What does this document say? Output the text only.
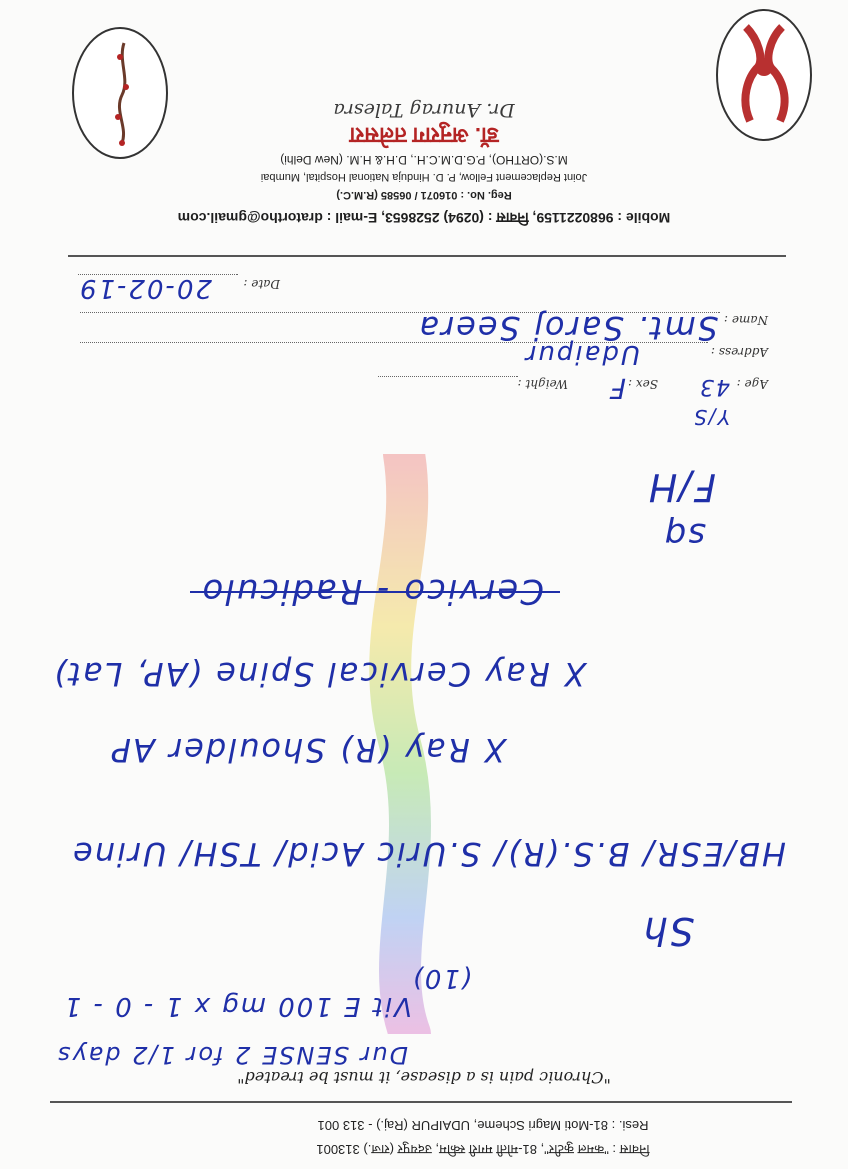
Dr. Anurag Talesra
डॉ. अनुराग तलेसरा
M.S.(ORTHO), P.G.D.M.C.H., D.H.& H.M. (New Delhi)
Joint Replacement Fellow, P. D. Hinduja National Hospital, Mumbai
Reg. No. : 016071 / 06585 (R.M.C.)
Mobile : 9680221159, निवास : (0294) 2528653, E-mail : dratortho@gmail.com
Date :
20-02-19
Name :
Smt. Saroj Seera
Address :
Udaipur
Age :
43
Sex :
F
Weight :
Y/S
F/H
sq
Cervico - Radiculo
X Ray Cervical Spine (AP, Lat)
X Ray (R) Shoulder AP
HB/ESR/ B.S.(R)/ S.Uric Acid/ TSH/ Urine
Sh
(10)
Vit E 100 mg x 1 - 0 - 1
Dur SENSE 2 for 1/2 days
"Chronic pain is a disease, it must be treated"
Resi. : 81-Moti Magri Scheme, UDAIPUR (Raj.) - 313 001
निवास : "कमल कुटीर", 81-मोती मगरी स्कीम, उदयपुर (राज.) 313001
